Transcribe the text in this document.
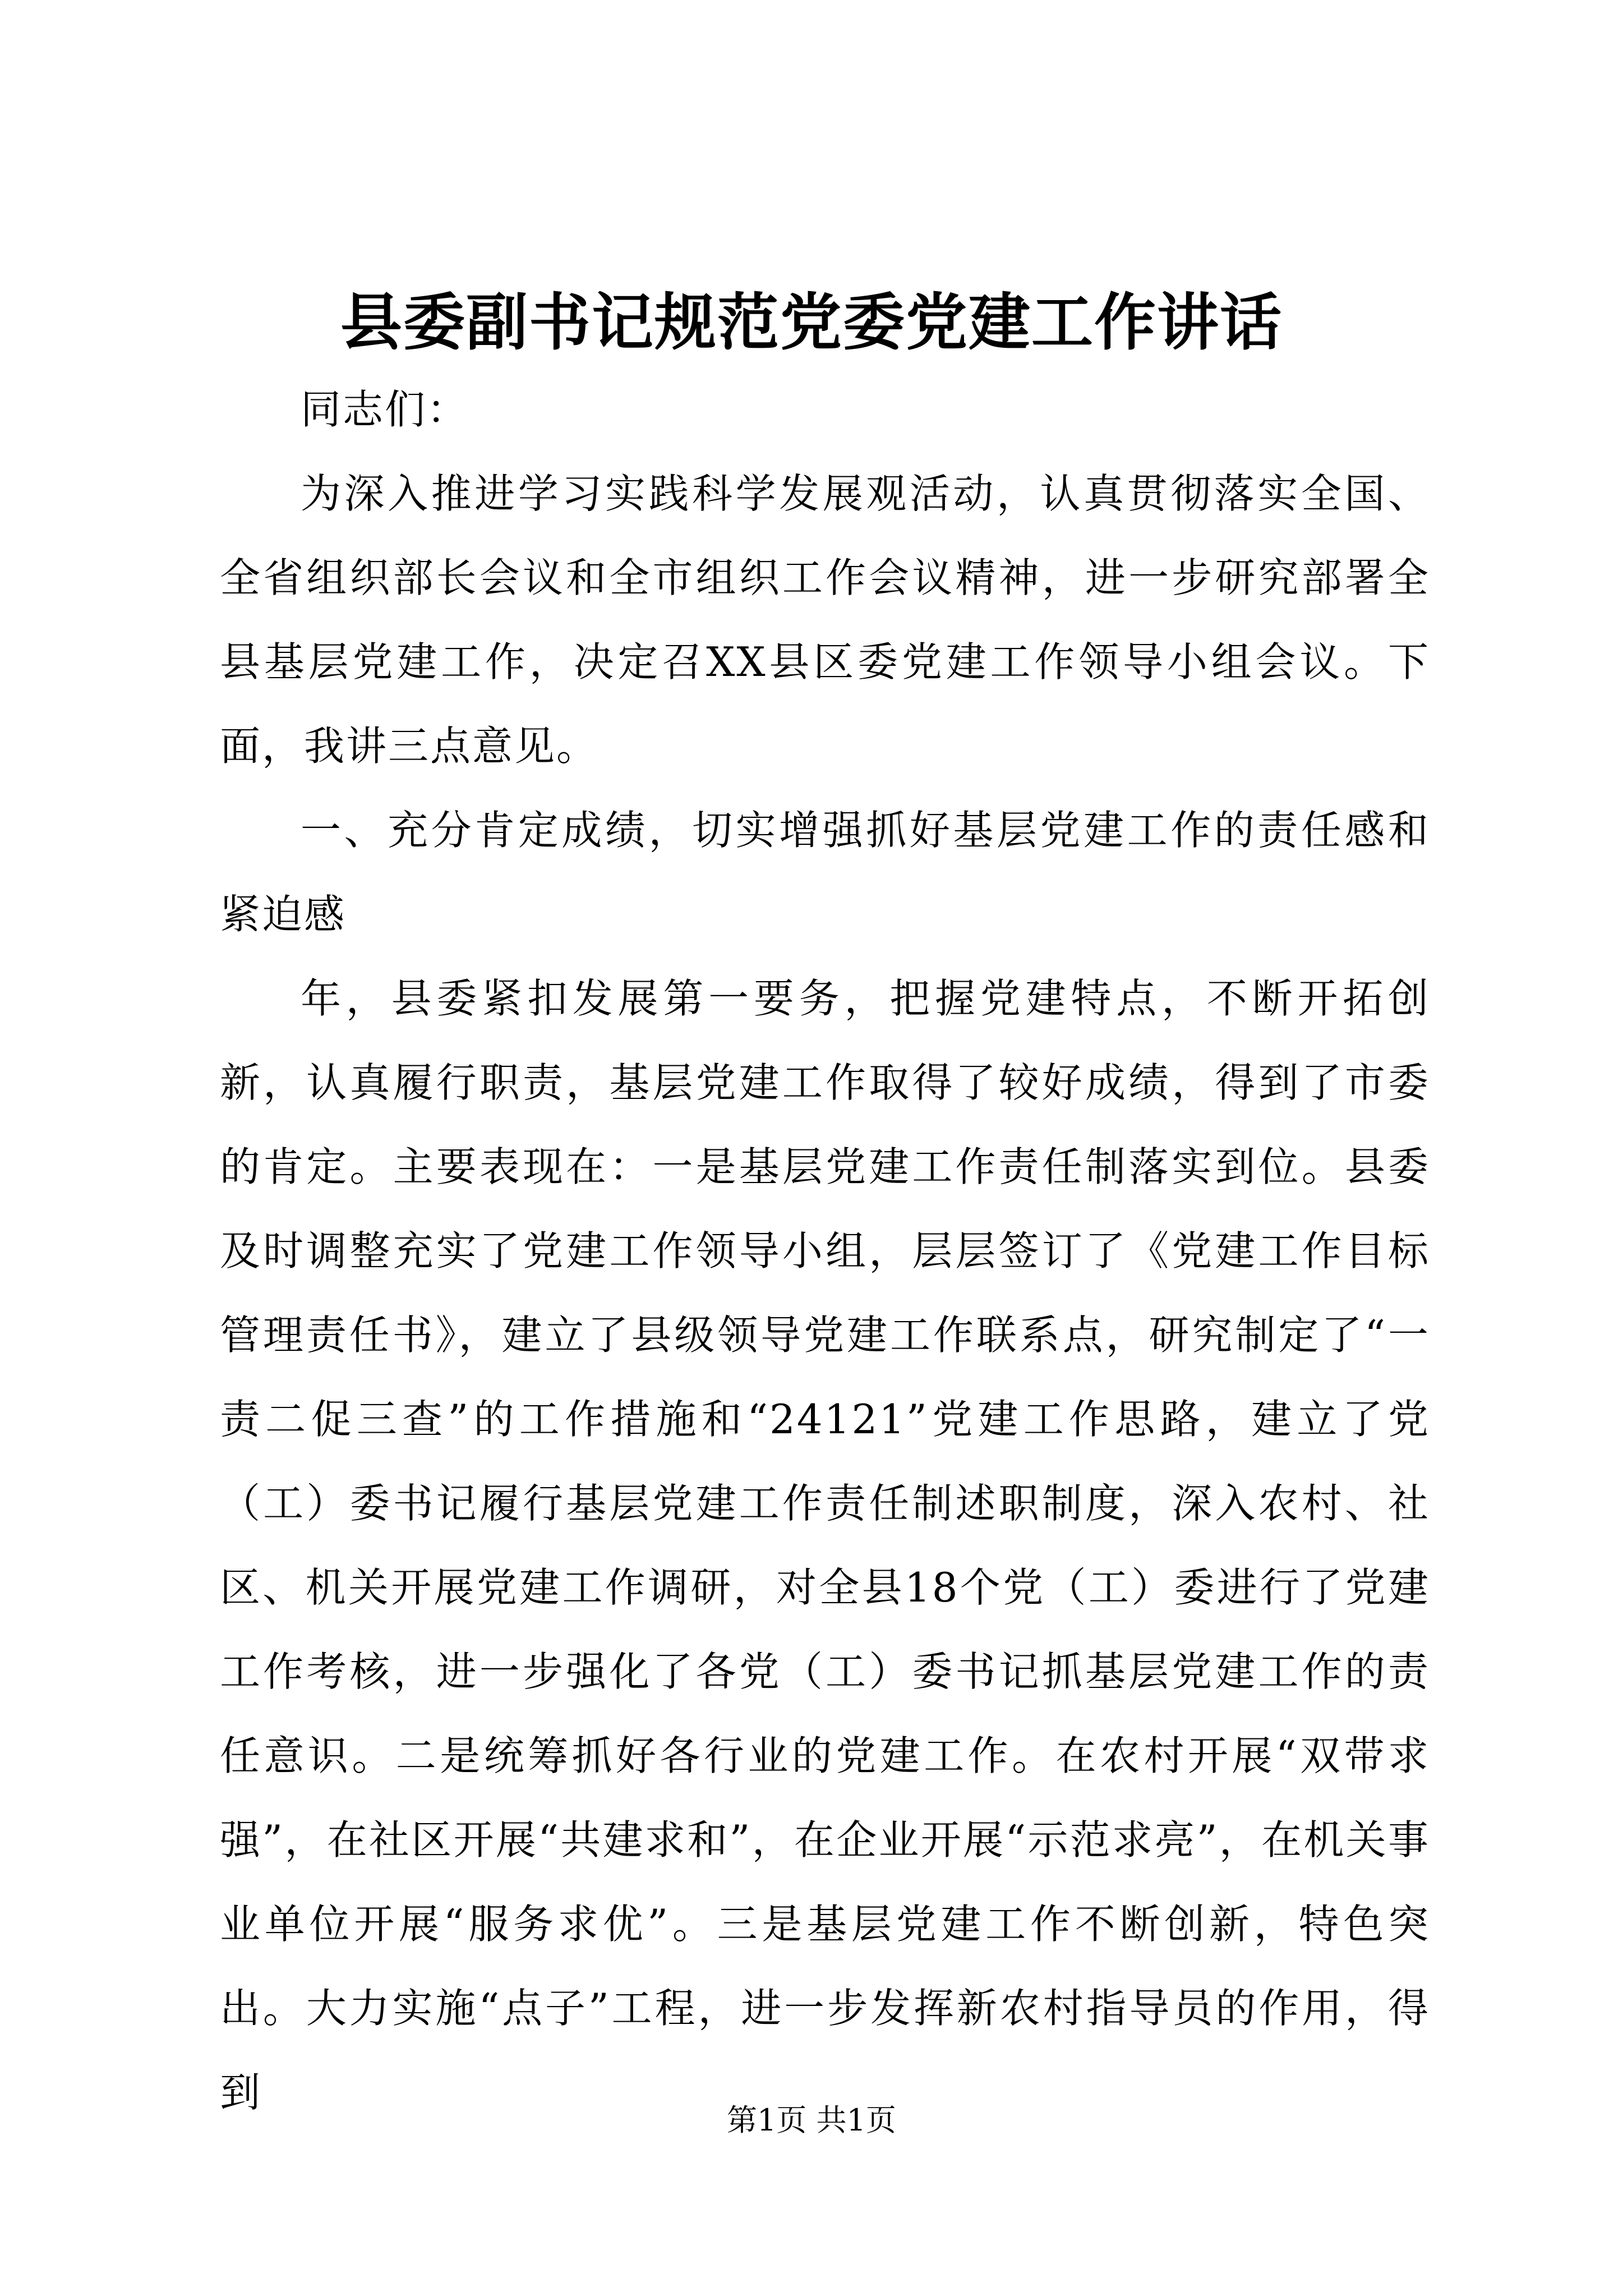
县委副书记规范党委党建工作讲话

同志们：

为深入推进学习实践科学发展观活动，认真贯彻落实全国、全省组织部长会议和全市组织工作会议精神，进一步研究部署全县基层党建工作，决定召XX县区委党建工作领导小组会议。下面，我讲三点意见。

一、充分肯定成绩，切实增强抓好基层党建工作的责任感和紧迫感

年，县委紧扣发展第一要务，把握党建特点，不断开拓创新，认真履行职责，基层党建工作取得了较好成绩，得到了市委的肯定。主要表现在：一是基层党建工作责任制落实到位。县委及时调整充实了党建工作领导小组，层层签订了《党建工作目标管理责任书》，建立了县级领导党建工作联系点，研究制定了“一责二促三查”的工作措施和“24121”党建工作思路，建立了党（工）委书记履行基层党建工作责任制述职制度，深入农村、社区、机关开展党建工作调研，对全县18个党（工）委进行了党建工作考核，进一步强化了各党（工）委书记抓基层党建工作的责任意识。二是统筹抓好各行业的党建工作。在农村开展“双带求强”，在社区开展“共建求和”，在企业开展“示范求亮”，在机关事业单位开展“服务求优”。三是基层党建工作不断创新，特色突出。大力实施“点子”工程，进一步发挥新农村指导员的作用，得到

第1页 共1页
